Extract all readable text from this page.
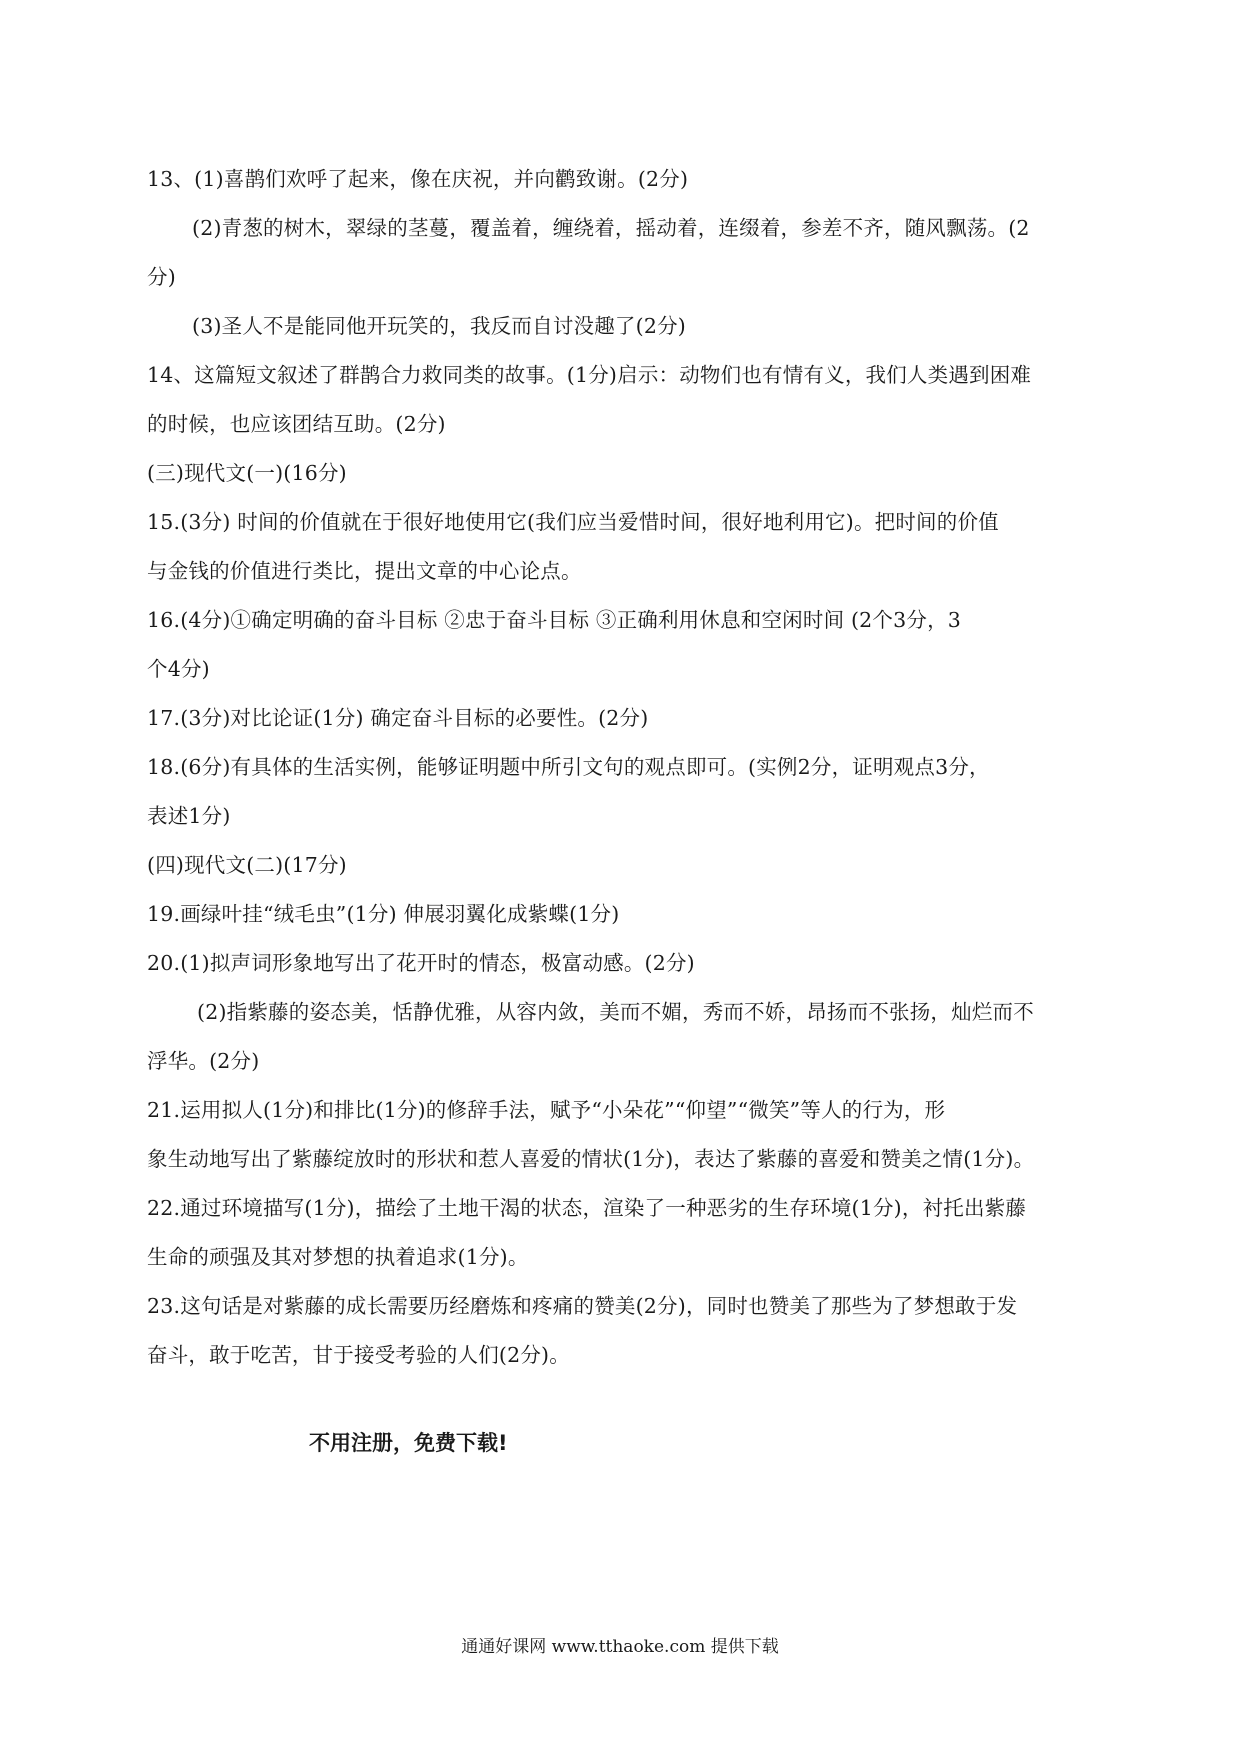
13、(1)喜鹊们欢呼了起来，像在庆祝，并向鹳致谢。(2分)
(2)青葱的树木，翠绿的茎蔓，覆盖着，缠绕着，摇动着，连缀着，参差不齐，随风飘荡。(2
分)
(3)圣人不是能同他开玩笑的，我反而自讨没趣了(2分)
14、这篇短文叙述了群鹊合力救同类的故事。(1分)启示：动物们也有情有义，我们人类遇到困难
的时候，也应该团结互助。(2分)
(三)现代文(一)(16分)
15.(3分) 时间的价值就在于很好地使用它(我们应当爱惜时间，很好地利用它)。把时间的价值
与金钱的价值进行类比，提出文章的中心论点。
16.(4分)①确定明确的奋斗目标 ②忠于奋斗目标 ③正确利用休息和空闲时间 (2个3分，3
个4分)
17.(3分)对比论证(1分) 确定奋斗目标的必要性。(2分)
18.(6分)有具体的生活实例，能够证明题中所引文句的观点即可。(实例2分，证明观点3分，
表述1分)
(四)现代文(二)(17分)
19.画绿叶挂“绒毛虫”(1分) 伸展羽翼化成紫蝶(1分)
20.(1)拟声词形象地写出了花开时的情态，极富动感。(2分)
(2)指紫藤的姿态美，恬静优雅，从容内敛，美而不媚，秀而不娇，昂扬而不张扬，灿烂而不
浮华。(2分)
21.运用拟人(1分)和排比(1分)的修辞手法，赋予“小朵花”“仰望”“微笑”等人的行为，形
象生动地写出了紫藤绽放时的形状和惹人喜爱的情状(1分)，表达了紫藤的喜爱和赞美之情(1分)。
22.通过环境描写(1分)，描绘了土地干渴的状态，渲染了一种恶劣的生存环境(1分)，衬托出紫藤
生命的顽强及其对梦想的执着追求(1分)。
23.这句话是对紫藤的成长需要历经磨炼和疼痛的赞美(2分)，同时也赞美了那些为了梦想敢于发
奋斗，敢于吃苦，甘于接受考验的人们(2分)。
不用注册，免费下载!
通通好课网 www.tthaoke.com 提供下载
